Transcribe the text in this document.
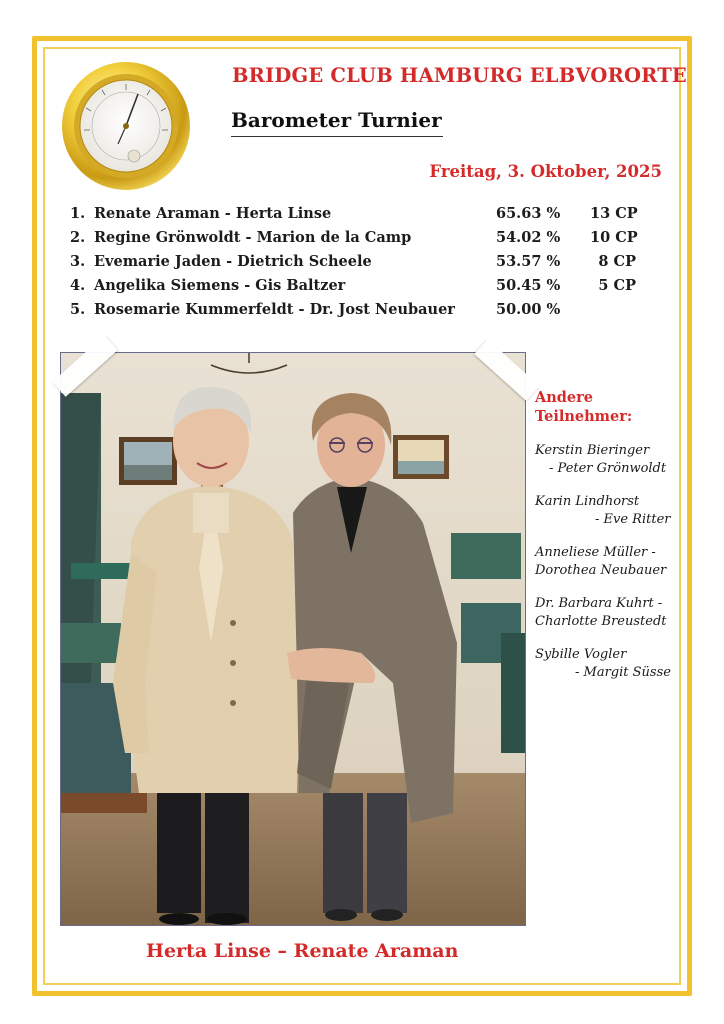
BRIDGE CLUB HAMBURG ELBVORORTE
Barometer Turnier
Freitag, 3. Oktober, 2025
1. Renate Araman - Herta Linse	65.63 % 13 CP
2. Regine Grönwoldt - Marion de la Camp	54.02 % 10 CP
3. Evemarie Jaden - Dietrich Scheele	53.57 %	8 CP
4. Angelika Siemens - Gis Baltzer	50.45 %	5 CP
5. Rosemarie Kummerfeldt - Dr. Jost Neubauer	50.00 %
Andere
Teilnehmer:
Kerstin Bieringer
- Peter Grönwoldt
Karin Lindhorst
- Eve Ritter
Anneliese Müller -
Dorothea Neubauer
Dr. Barbara Kuhrt -
Charlotte Breustedt
Sybille Vogler
- Margit Süsse
Herta Linse – Renate Araman
